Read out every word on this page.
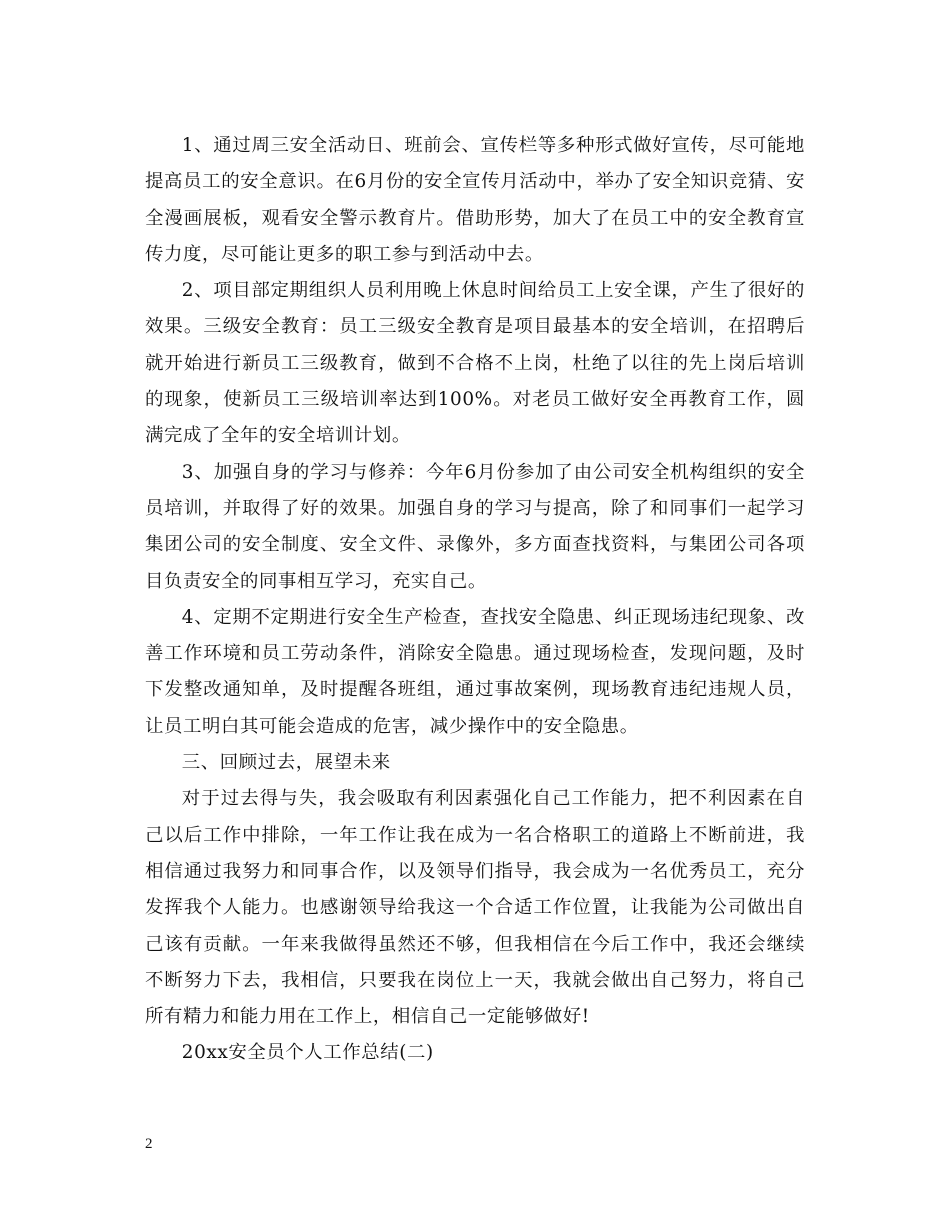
1、通过周三安全活动日、班前会、宣传栏等多种形式做好宣传，尽可能地提高员工的安全意识。在6月份的安全宣传月活动中，举办了安全知识竞猜、安全漫画展板，观看安全警示教育片。借助形势，加大了在员工中的安全教育宣传力度，尽可能让更多的职工参与到活动中去。

2、项目部定期组织人员利用晚上休息时间给员工上安全课，产生了很好的效果。三级安全教育：员工三级安全教育是项目最基本的安全培训，在招聘后就开始进行新员工三级教育，做到不合格不上岗，杜绝了以往的先上岗后培训的现象，使新员工三级培训率达到100%。对老员工做好安全再教育工作，圆满完成了全年的安全培训计划。

3、加强自身的学习与修养：今年6月份参加了由公司安全机构组织的安全员培训，并取得了好的效果。加强自身的学习与提高，除了和同事们一起学习集团公司的安全制度、安全文件、录像外，多方面查找资料，与集团公司各项目负责安全的同事相互学习，充实自己。

4、定期不定期进行安全生产检查，查找安全隐患、纠正现场违纪现象、改善工作环境和员工劳动条件，消除安全隐患。通过现场检查，发现问题，及时下发整改通知单，及时提醒各班组，通过事故案例，现场教育违纪违规人员，让员工明白其可能会造成的危害，减少操作中的安全隐患。

三、回顾过去，展望未来

对于过去得与失，我会吸取有利因素强化自己工作能力，把不利因素在自己以后工作中排除，一年工作让我在成为一名合格职工的道路上不断前进，我相信通过我努力和同事合作，以及领导们指导，我会成为一名优秀员工，充分发挥我个人能力。也感谢领导给我这一个合适工作位置，让我能为公司做出自己该有贡献。一年来我做得虽然还不够，但我相信在今后工作中，我还会继续不断努力下去，我相信，只要我在岗位上一天，我就会做出自己努力，将自己所有精力和能力用在工作上，相信自己一定能够做好!

20xx安全员个人工作总结(二)

2
